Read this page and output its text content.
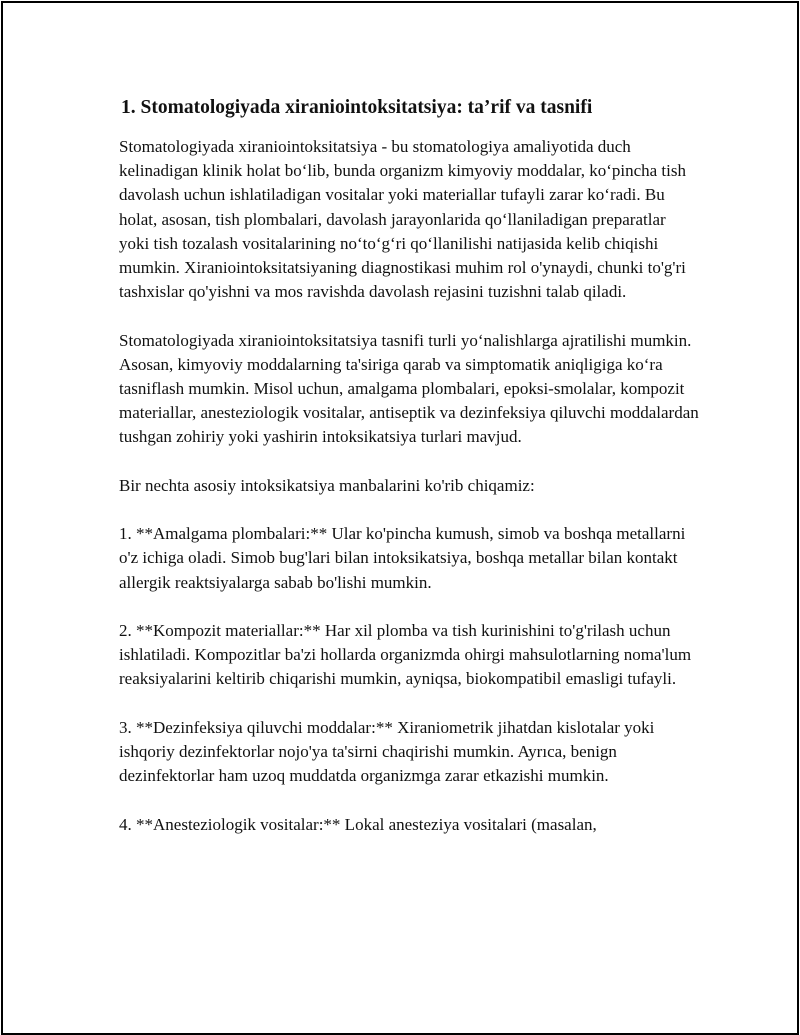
1. Stomatologiyada xiraniointoksitatsiya: ta’rif va tasnifi

Stomatologiyada xiraniointoksitatsiya - bu stomatologiya amaliyotida duch kelinadigan klinik holat bo‘lib, bunda organizm kimyoviy moddalar, ko‘pincha tish davolash uchun ishlatiladigan vositalar yoki materiallar tufayli zarar ko‘radi. Bu holat, asosan, tish plombalari, davolash jarayonlarida qo‘llaniladigan preparatlar yoki tish tozalash vositalarining no‘to‘g‘ri qo‘llanilishi natijasida kelib chiqishi mumkin. Xiraniointoksitatsiyaning diagnostikasi muhim rol o'ynaydi, chunki to'g'ri tashxislar qo'yishni va mos ravishda davolash rejasini tuzishni talab qiladi.

Stomatologiyada xiraniointoksitatsiya tasnifi turli yo‘nalishlarga ajratilishi mumkin. Asosan, kimyoviy moddalarning ta'siriga qarab va simptomatik aniqligiga ko‘ra tasniflash mumkin. Misol uchun, amalgama plombalari, epoksi-smolalar, kompozit materiallar, anesteziologik vositalar, antiseptik va dezinfeksiya qiluvchi moddalardan tushgan zohiriy yoki yashirin intoksikatsiya turlari mavjud.

Bir nechta asosiy intoksikatsiya manbalarini ko'rib chiqamiz:

1. **Amalgama plombalari:** Ular ko'pincha kumush, simob va boshqa metallarni o'z ichiga oladi. Simob bug'lari bilan intoksikatsiya, boshqa metallar bilan kontakt allergik reaktsiyalarga sabab bo'lishi mumkin.

2. **Kompozit materiallar:** Har xil plomba va tish kurinishini to'g'rilash uchun ishlatiladi. Kompozitlar ba'zi hollarda organizmda ohirgi mahsulotlarning noma'lum reaksiyalarini keltirib chiqarishi mumkin, ayniqsa, biokompatibil emasligi tufayli.

3. **Dezinfeksiya qiluvchi moddalar:** Xiraniometrik jihatdan kislotalar yoki ishqoriy dezinfektorlar nojo'ya ta'sirni chaqirishi mumkin. Ayrıca, benign dezinfektorlar ham uzoq muddatda organizmga zarar etkazishi mumkin.

4. **Anesteziologik vositalar:** Lokal anesteziya vositalari (masalan,
